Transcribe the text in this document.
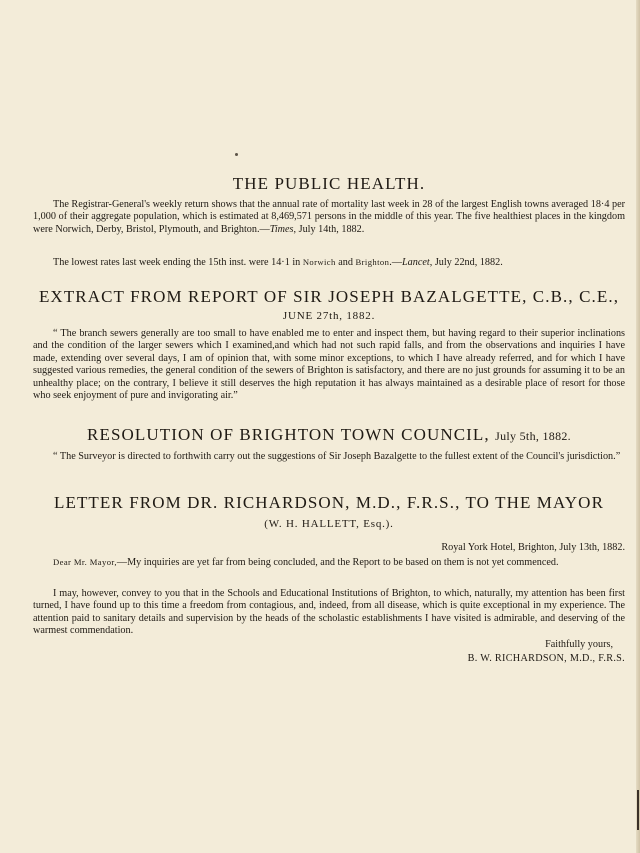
THE PUBLIC HEALTH.

The Registrar-General's weekly return shows that the annual rate of mortality last week in 28 of the largest English towns averaged 18·4 per 1,000 of their aggregate population, which is estimated at 8,469,571 persons in the middle of this year. The five healthiest places in the kingdom were Norwich, Derby, Bristol, Plymouth, and Brighton.—Times, July 14th, 1882.

The lowest rates last week ending the 15th inst. were 14·1 in Norwich and Brighton.—Lancet, July 22nd, 1882.

EXTRACT FROM REPORT OF SIR JOSEPH BAZALGETTE, C.B., C.E.,
JUNE 27th, 1882.

“ The branch sewers generally are too small to have enabled me to enter and inspect them, but having regard to their superior inclinations and the condition of the larger sewers which I examined,and which had not such rapid falls, and from the observations and inquiries I have made, extending over several days, I am of opinion that, with some minor exceptions, to which I have already referred, and for which I have suggested various remedies, the general condition of the sewers of Brighton is satisfactory, and there are no just grounds for assuming it to be an unhealthy place; on the contrary, I believe it still deserves the high reputation it has always maintained as a desirable place of resort for those who seek enjoyment of pure and invigorating air.”

RESOLUTION OF BRIGHTON TOWN COUNCIL, July 5th, 1882.

“ The Surveyor is directed to forthwith carry out the suggestions of Sir Joseph Bazalgette to the fullest extent of the Council's jurisdiction.”

LETTER FROM DR. RICHARDSON, M.D., F.R.S., TO THE MAYOR
(W. H. HALLETT, Esq.).
Royal York Hotel, Brighton, July 13th, 1882.

Dear Mr. Mayor,—My inquiries are yet far from being concluded, and the Report to be based on them is not yet commenced.

I may, however, convey to you that in the Schools and Educational Institutions of Brighton, to which, naturally, my attention has been first turned, I have found up to this time a freedom from contagious, and, indeed, from all disease, which is quite exceptional in my experience. The attention paid to sanitary details and supervision by the heads of the scholastic establishments I have visited is admirable, and deserving of the warmest commendation.

Faithfully yours,
B. W. RICHARDSON, M.D., F.R.S.
